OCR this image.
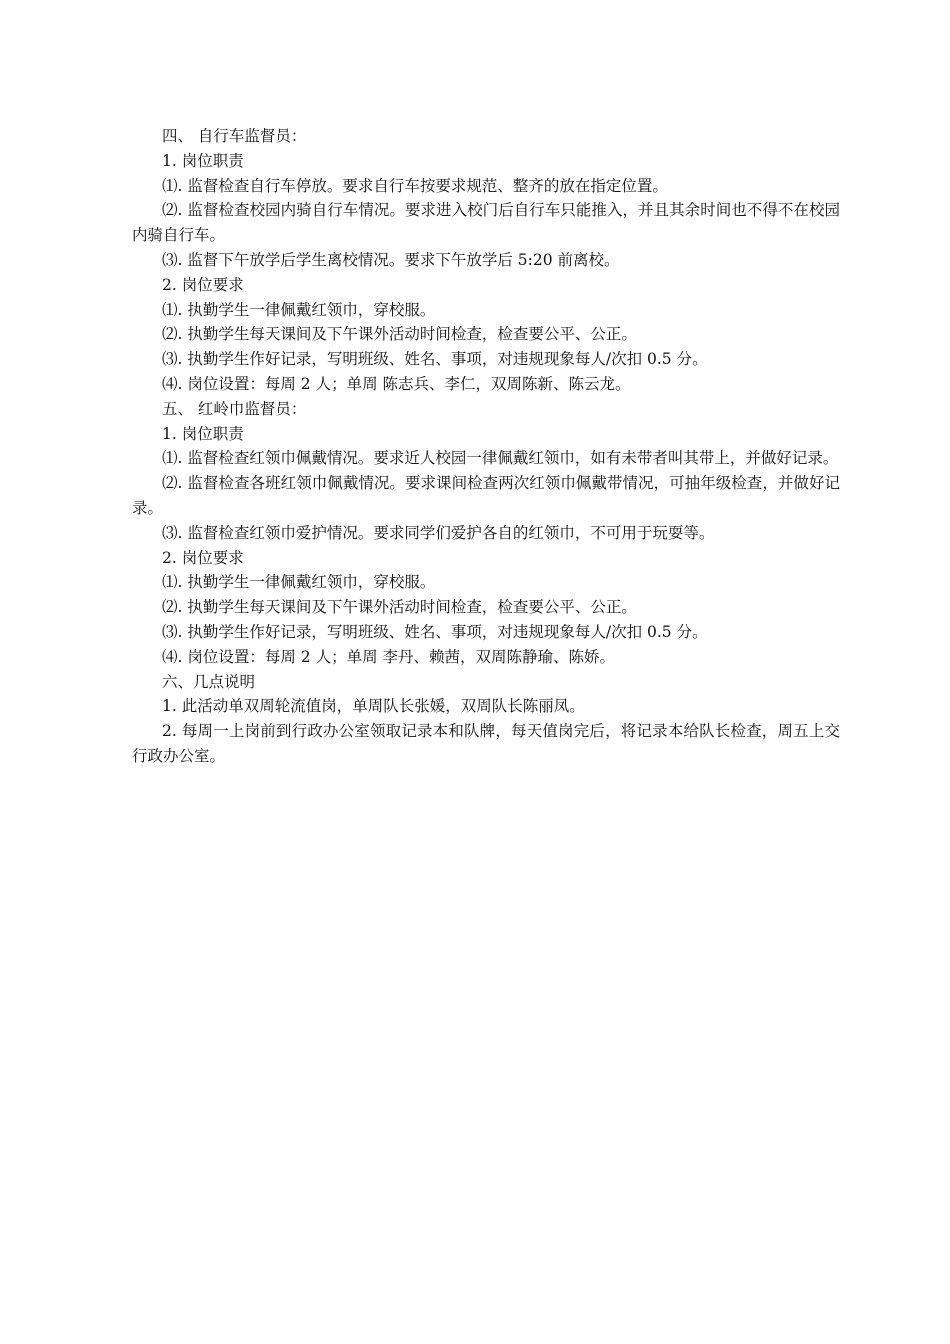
四、 自行车监督员：

1. 岗位职责

⑴. 监督检查自行车停放。要求自行车按要求规范、整齐的放在指定位置。

⑵. 监督检查校园内骑自行车情况。要求进入校门后自行车只能推入，并且其余时间也不得不在校园内骑自行车。

⑶. 监督下午放学后学生离校情况。要求下午放学后 5:20 前离校。

2. 岗位要求

⑴. 执勤学生一律佩戴红领巾，穿校服。

⑵. 执勤学生每天课间及下午课外活动时间检查，检查要公平、公正。

⑶. 执勤学生作好记录，写明班级、姓名、事项，对违规现象每人/次扣 0.5 分。

⑷. 岗位设置：每周 2 人；单周 陈志兵、李仁，双周陈新、陈云龙。

五、 红岭巾监督员：

1. 岗位职责

⑴. 监督检查红领巾佩戴情况。要求近人校园一律佩戴红领巾，如有未带者叫其带上，并做好记录。

⑵. 监督检查各班红领巾佩戴情况。要求课间检查两次红领巾佩戴带情况，可抽年级检查，并做好记录。

⑶. 监督检查红领巾爱护情况。要求同学们爱护各自的红领巾，不可用于玩耍等。

2. 岗位要求

⑴. 执勤学生一律佩戴红领巾，穿校服。

⑵. 执勤学生每天课间及下午课外活动时间检查，检查要公平、公正。

⑶. 执勤学生作好记录，写明班级、姓名、事项，对违规现象每人/次扣 0.5 分。

⑷. 岗位设置：每周 2 人；单周 李丹、赖茜，双周陈静瑜、陈娇。

六、几点说明

1. 此活动单双周轮流值岗，单周队长张媛，双周队长陈丽凤。

2. 每周一上岗前到行政办公室领取记录本和队牌，每天值岗完后，将记录本给队长检查，周五上交行政办公室。
